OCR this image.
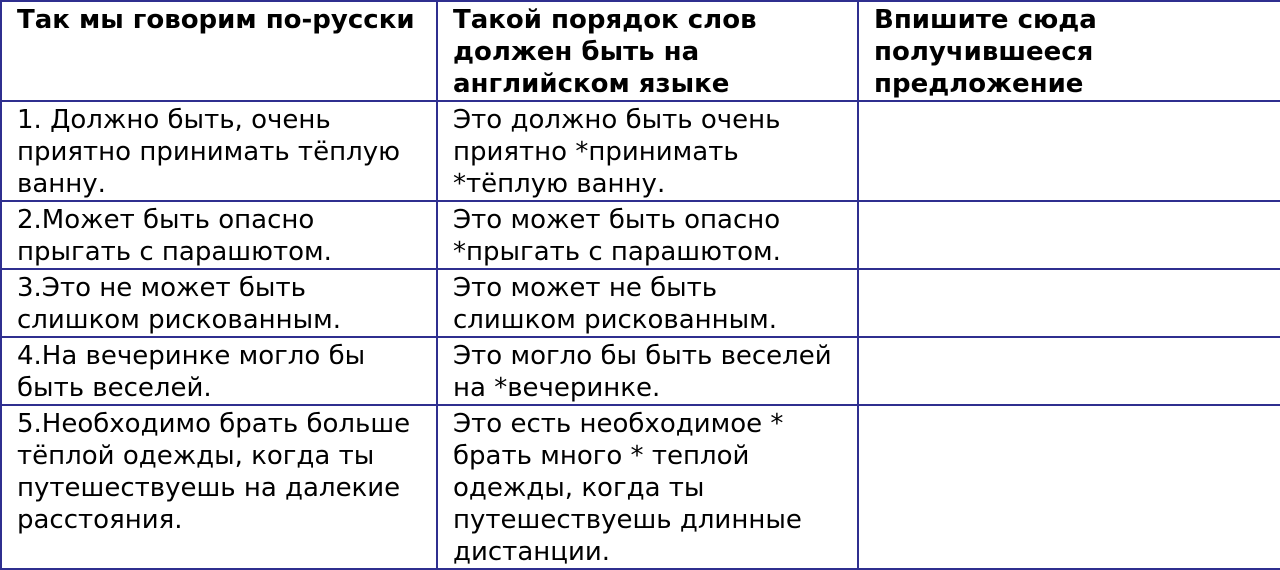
Так мы говорим по-русски	Такой порядок слов должен быть на английском языке	Впишите сюда получившееся предложение
1. Должно быть, очень приятно принимать тёплую ванну.	Это должно быть очень приятно *принимать *тёплую ванну.	
2.Может быть опасно прыгать с парашютом.	Это может быть опасно *прыгать с парашютом.	
3.Это не может быть слишком рискованным.	Это может не быть слишком рискованным.	
4.На вечеринке могло бы быть веселей.	Это могло бы быть веселей на *вечеринке.	
5.Необходимо брать больше тёплой одежды, когда ты путешествуешь на далекие расстояния.	Это есть необходимое * брать много * теплой одежды, когда ты путешествуешь длинные дистанции.	
